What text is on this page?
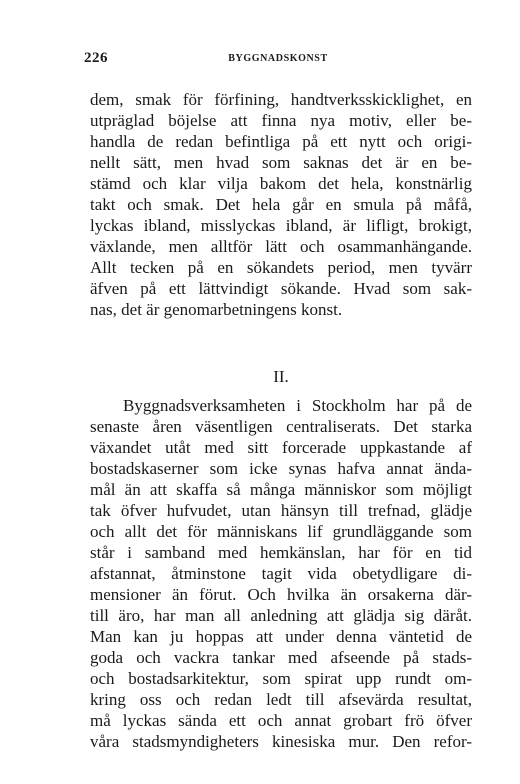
226	BYGGNADSKONST

dem, smak för förfining, handtverksskicklighet, en
utpräglad böjelse att finna nya motiv, eller be-
handla de redan befintliga på ett nytt och origi-
nellt sätt, men hvad som saknas det är en be-
stämd och klar vilja bakom det hela, konstnärlig
takt och smak. Det hela går en smula på måfå,
lyckas ibland, misslyckas ibland, är lifligt, brokigt,
växlande, men alltför lätt och osammanhängande.
Allt tecken på en sökandets period, men tyvärr
äfven på ett lättvindigt sökande. Hvad som sak-
nas, det är genomarbetningens konst.

II.

Byggnadsverksamheten i Stockholm har på de
senaste åren väsentligen centraliserats. Det starka
växandet utåt med sitt forcerade uppkastande af
bostadskaserner som icke synas hafva annat ända-
mål än att skaffa så många människor som möjligt
tak öfver hufvudet, utan hänsyn till trefnad, glädje
och allt det för människans lif grundläggande som
står i samband med hemkänslan, har för en tid
afstannat, åtminstone tagit vida obetydligare di-
mensioner än förut. Och hvilka än orsakerna där-
till äro, har man all anledning att glädja sig däråt.
Man kan ju hoppas att under denna väntetid de
goda och vackra tankar med afseende på stads-
och bostadsarkitektur, som spirat upp rundt om-
kring oss och redan ledt till afsevärda resultat,
må lyckas sända ett och annat grobart frö öfver
våra stadsmyndigheters kinesiska mur. Den refor-
